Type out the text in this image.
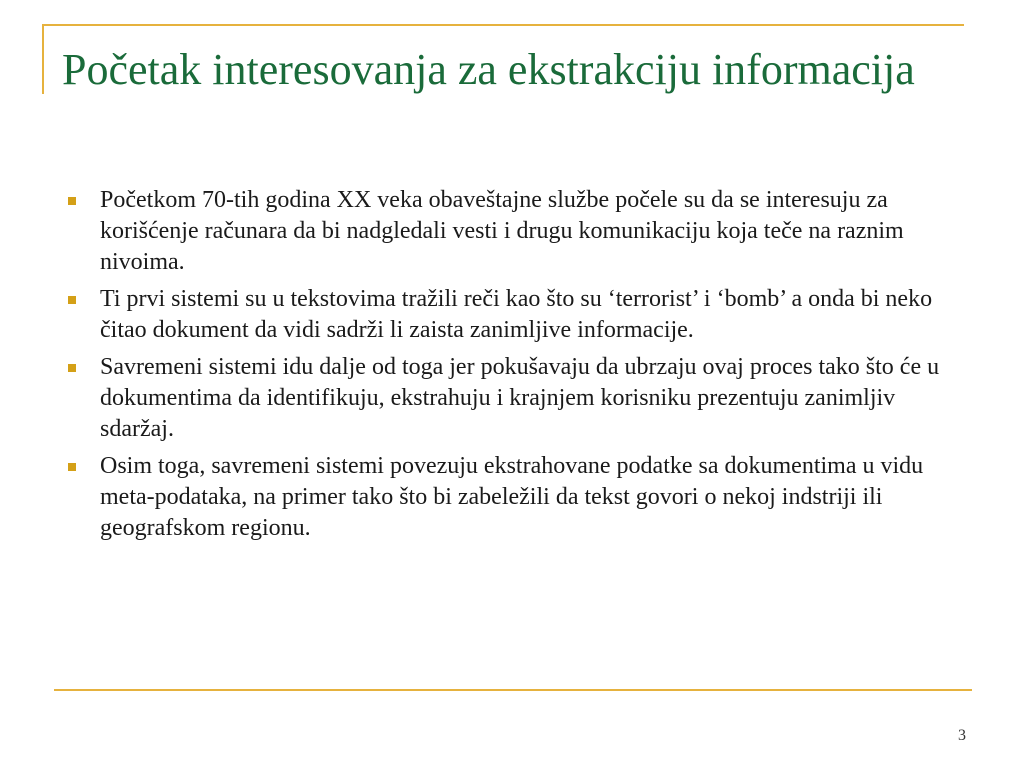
Početak interesovanja za ekstrakciju informacija
Početkom 70-tih godina XX veka obaveštajne službe počele su da se interesuju za korišćenje računara da bi nadgledali vesti i drugu komunikaciju koja teče na raznim nivoima.
Ti prvi sistemi su u tekstovima tražili reči kao što su ‘terrorist’ i ‘bomb’ a onda bi neko čitao dokument da vidi sadrži li zaista zanimljive informacije.
Savremeni sistemi idu dalje od toga jer pokušavaju da ubrzaju ovaj proces tako što će u dokumentima da identifikuju, ekstrahuju i krajnjem korisniku prezentuju zanimljiv sdaržaj.
Osim toga, savremeni sistemi povezuju ekstrahovane podatke sa dokumentima u vidu meta-podataka, na primer tako što bi zabeležili da tekst govori o nekoj indstriji ili geografskom regionu.
3
